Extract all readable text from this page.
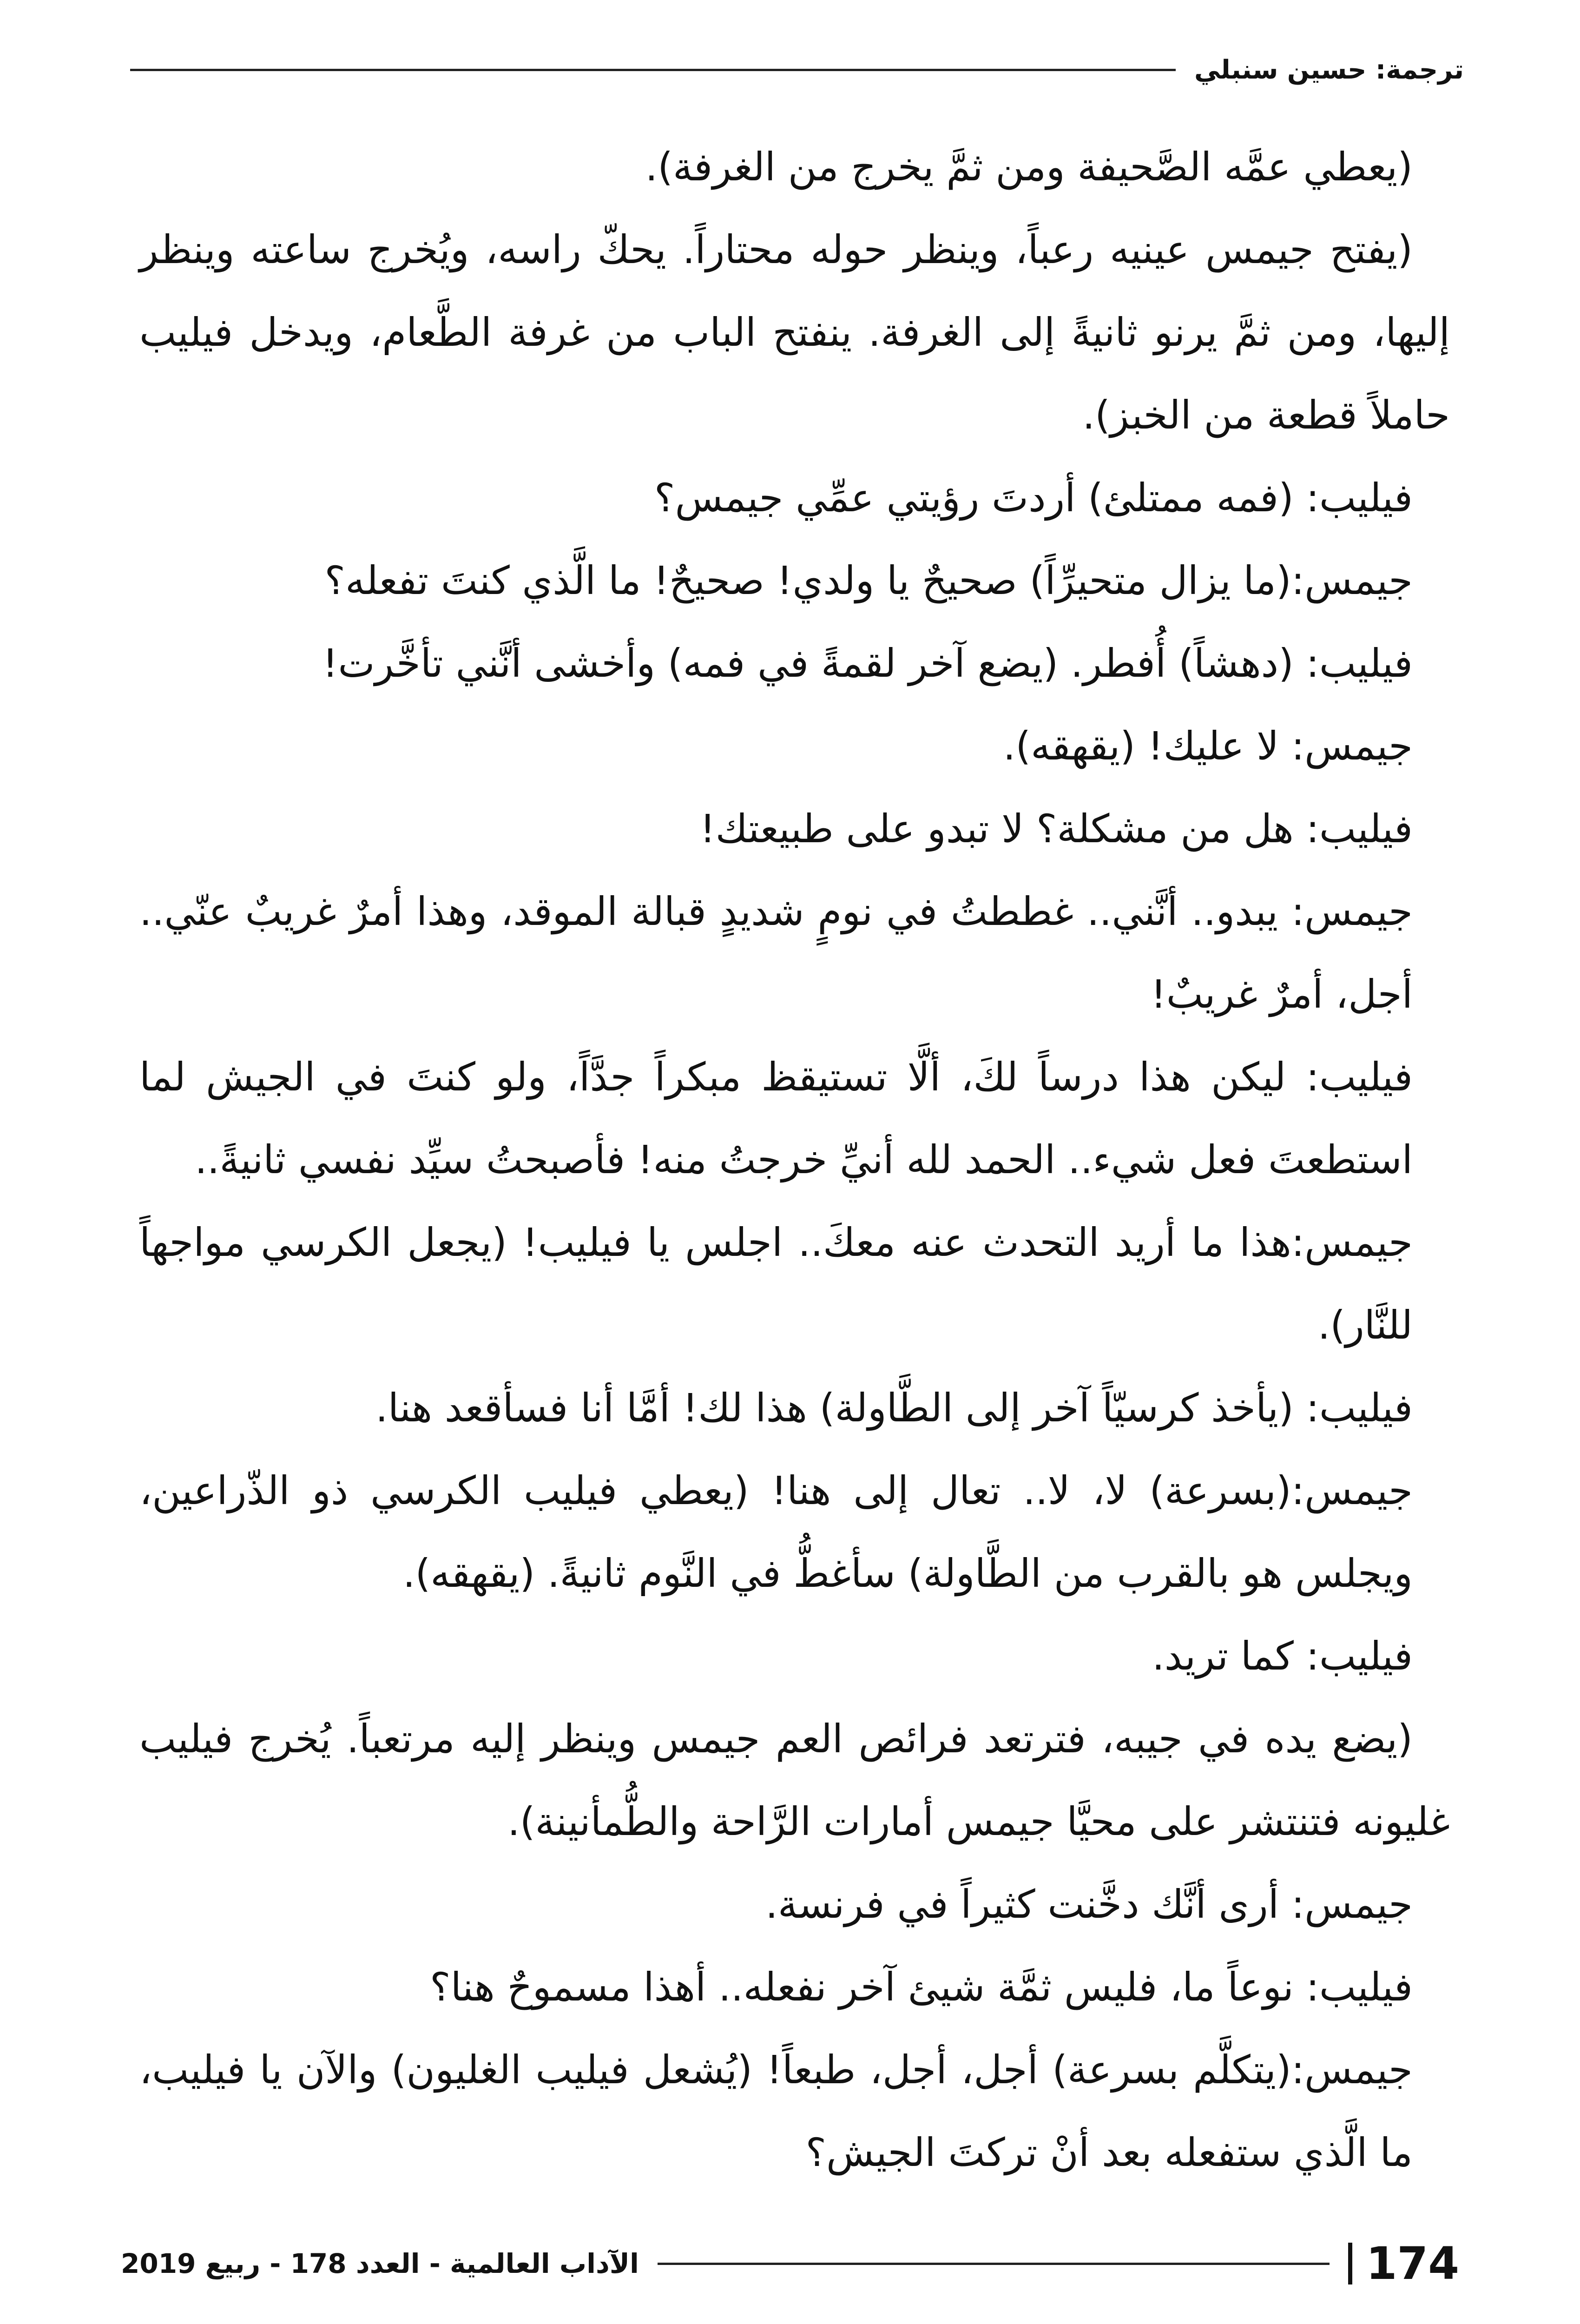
ترجمة: حسين سنبلي

(يعطي عمَّه الصَّحيفة ومن ثمَّ يخرج من الغرفة).

(يفتح جيمس عينيه رعباً، وينظر حوله محتاراً. يحكّ راسه، ويُخرج ساعته وينظر إليها، ومن ثمَّ يرنو ثانيةً إلى الغرفة. ينفتح الباب من غرفة الطَّعام، ويدخل فيليب حاملاً قطعة من الخبز).

فيليب: (فمه ممتلئ) أردتَ رؤيتي عمِّي جيمس؟

جيمس:(ما يزال متحيرِّاً) صحيحٌ يا ولدي! صحيحٌ! ما الَّذي كنتَ تفعله؟

فيليب: (دهشاً) أُفطر. (يضع آخر لقمةً في فمه) وأخشى أنَّني تأخَّرت!

جيمس: لا عليك! (يقهقه).

فيليب: هل من مشكلة؟ لا تبدو على طبيعتك!

جيمس: يبدو.. أنَّني.. غططتُ في نومٍ شديدٍ قبالة الموقد، وهذا أمرٌ غريبٌ عنّي.. أجل، أمرٌ غريبٌ!

فيليب: ليكن هذا درساً لكَ، ألَّا تستيقظ مبكراً جدَّاً، ولو كنتَ في الجيش لما استطعتَ فعل شيء.. الحمد لله أنيِّ خرجتُ منه! فأصبحتُ سيِّد نفسي ثانيةً..

جيمس:هذا ما أريد التحدث عنه معكَ.. اجلس يا فيليب! (يجعل الكرسي مواجهاً للنَّار).

فيليب: (يأخذ كرسيّاً آخر إلى الطَّاولة) هذا لك! أمَّا أنا فسأقعد هنا.

جيمس:(بسرعة) لا، لا.. تعال إلى هنا! (يعطي فيليب الكرسي ذو الذّراعين، ويجلس هو بالقرب من الطَّاولة) سأغطُّ في النَّوم ثانيةً. (يقهقه).

فيليب: كما تريد.

(يضع يده في جيبه، فترتعد فرائص العم جيمس وينظر إليه مرتعباً. يُخرج فيليب غليونه فتنتشر على محيَّا جيمس أمارات الرَّاحة والطُّمأنينة).

جيمس: أرى أنَّك دخَّنت كثيراً في فرنسة.

فيليب: نوعاً ما، فليس ثمَّة شيئ آخر نفعله.. أهذا مسموحٌ هنا؟

جيمس:(يتكلَّم بسرعة) أجل، أجل، طبعاً! (يُشعل فيليب الغليون) والآن يا فيليب، ما الَّذي ستفعله بعد أنْ تركتَ الجيش؟

الآداب العالمية - العدد 178 - ربيع 2019	174
